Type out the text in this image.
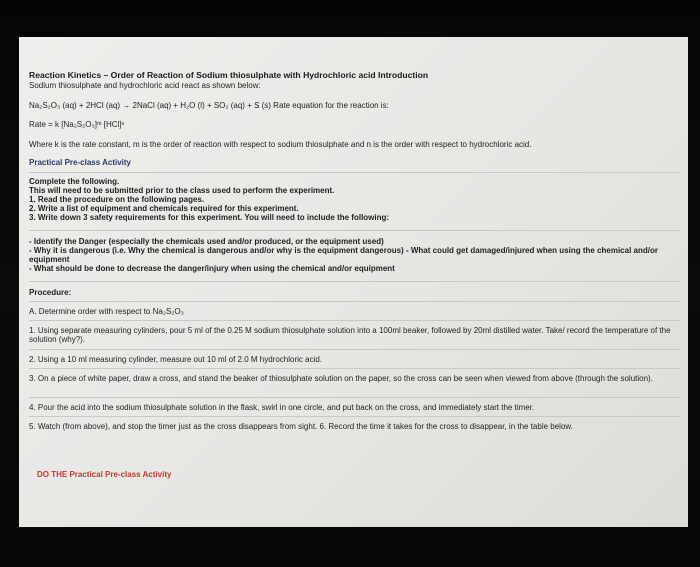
Reaction Kinetics – Order of Reaction of Sodium thiosulphate with Hydrochloric acid Introduction
Sodium thiosulphate and hydrochloric acid react as shown below:
Na₂S₂O₃ (aq) + 2HCl (aq) → 2NaCl (aq) + H₂O (l) + SO₂ (aq) + S (s) Rate equation for the reaction is:
Rate = k [Na₂S₂O₃]ᵐ [HCl]ⁿ
Where k is the rate constant, m is the order of reaction with respect to sodium thiosulphate and n is the order with respect to hydrochloric acid.
Practical Pre-class Activity
Complete the following.
This will need to be submitted prior to the class used to perform the experiment.
1. Read the procedure on the following pages.
2. Write a list of equipment and chemicals required for this experiment.
3. Write down 3 safety requirements for this experiment. You will need to include the following:
- Identify the Danger (especially the chemicals used and/or produced, or the equipment used)
- Why it is dangerous (i.e. Why the chemical is dangerous and/or why is the equipment dangerous) - What could get damaged/injured when using the chemical and/or equipment
- What should be done to decrease the danger/injury when using the chemical and/or equipment
Procedure:
A. Determine order with respect to Na₂S₂O₃
1. Using separate measuring cylinders, pour 5 ml of the 0.25 M sodium thiosulphate solution into a 100ml beaker, followed by 20ml distilled water. Take/ record the temperature of the solution (why?).
2. Using a 10 ml measuring cylinder, measure out 10 ml of 2.0 M hydrochloric acid.
3. On a piece of white paper, draw a cross, and stand the beaker of thiosulphate solution on the paper, so the cross can be seen when viewed from above (through the solution).
4. Pour the acid into the sodium thiosulphate solution in the flask, swirl in one circle, and put back on the cross, and immediately start the timer.
5. Watch (from above), and stop the timer just as the cross disappears from sight. 6. Record the time it takes for the cross to disappear, in the table below.
DO THE Practical Pre-class Activity
